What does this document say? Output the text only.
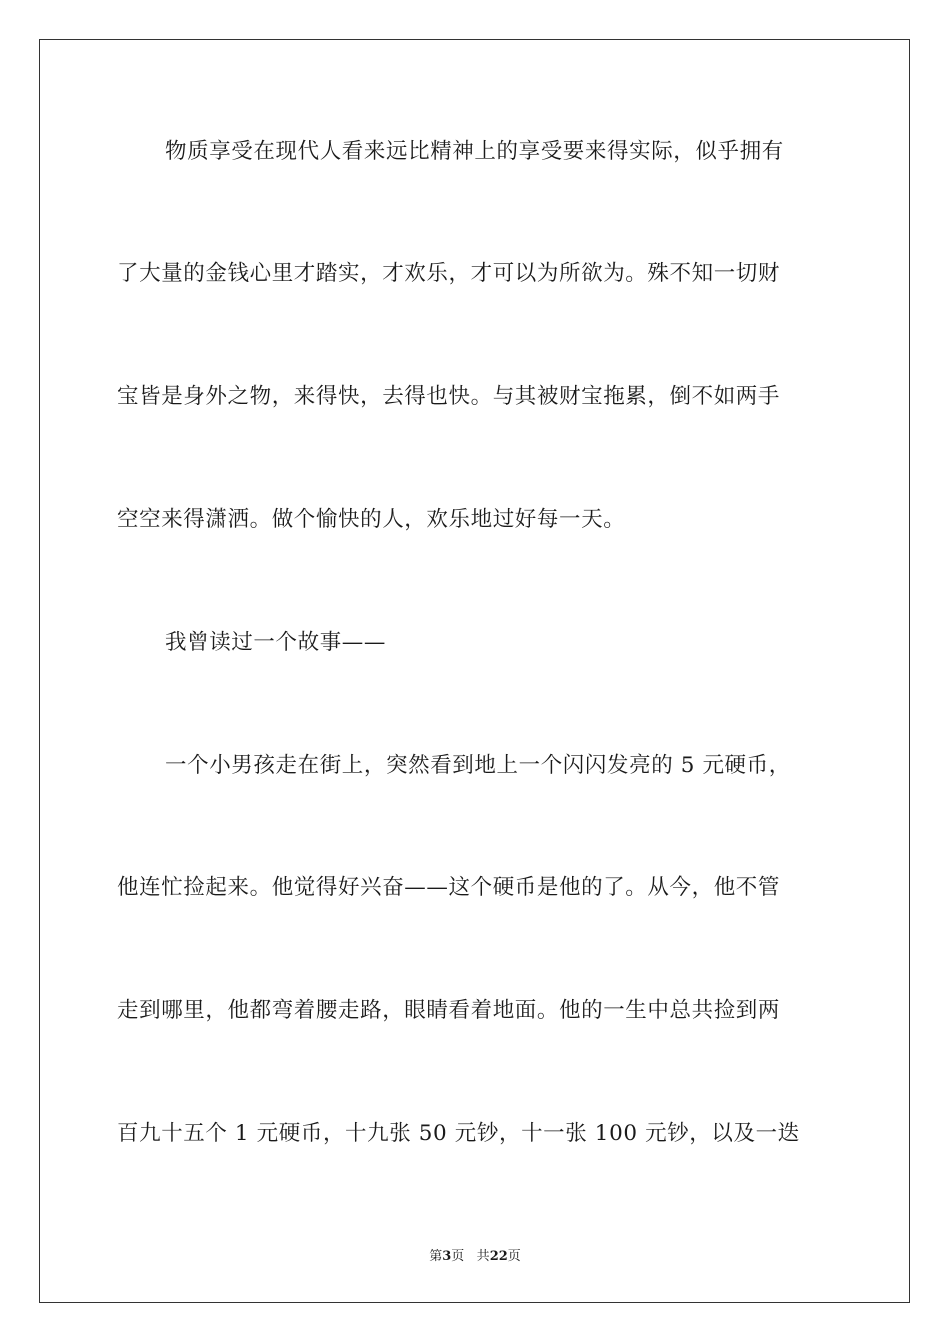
物质享受在现代人看来远比精神上的享受要来得实际，似乎拥有
了大量的金钱心里才踏实，才欢乐，才可以为所欲为。殊不知一切财
宝皆是身外之物，来得快，去得也快。与其被财宝拖累，倒不如两手
空空来得潇洒。做个愉快的人，欢乐地过好每一天。
我曾读过一个故事——
一个小男孩走在街上，突然看到地上一个闪闪发亮的 5 元硬币，
他连忙捡起来。他觉得好兴奋——这个硬币是他的了。从今，他不管
走到哪里，他都弯着腰走路，眼睛看着地面。他的一生中总共捡到两
百九十五个 1 元硬币，十九张 50 元钞，十一张 100 元钞，以及一迭
第3页 共22页
